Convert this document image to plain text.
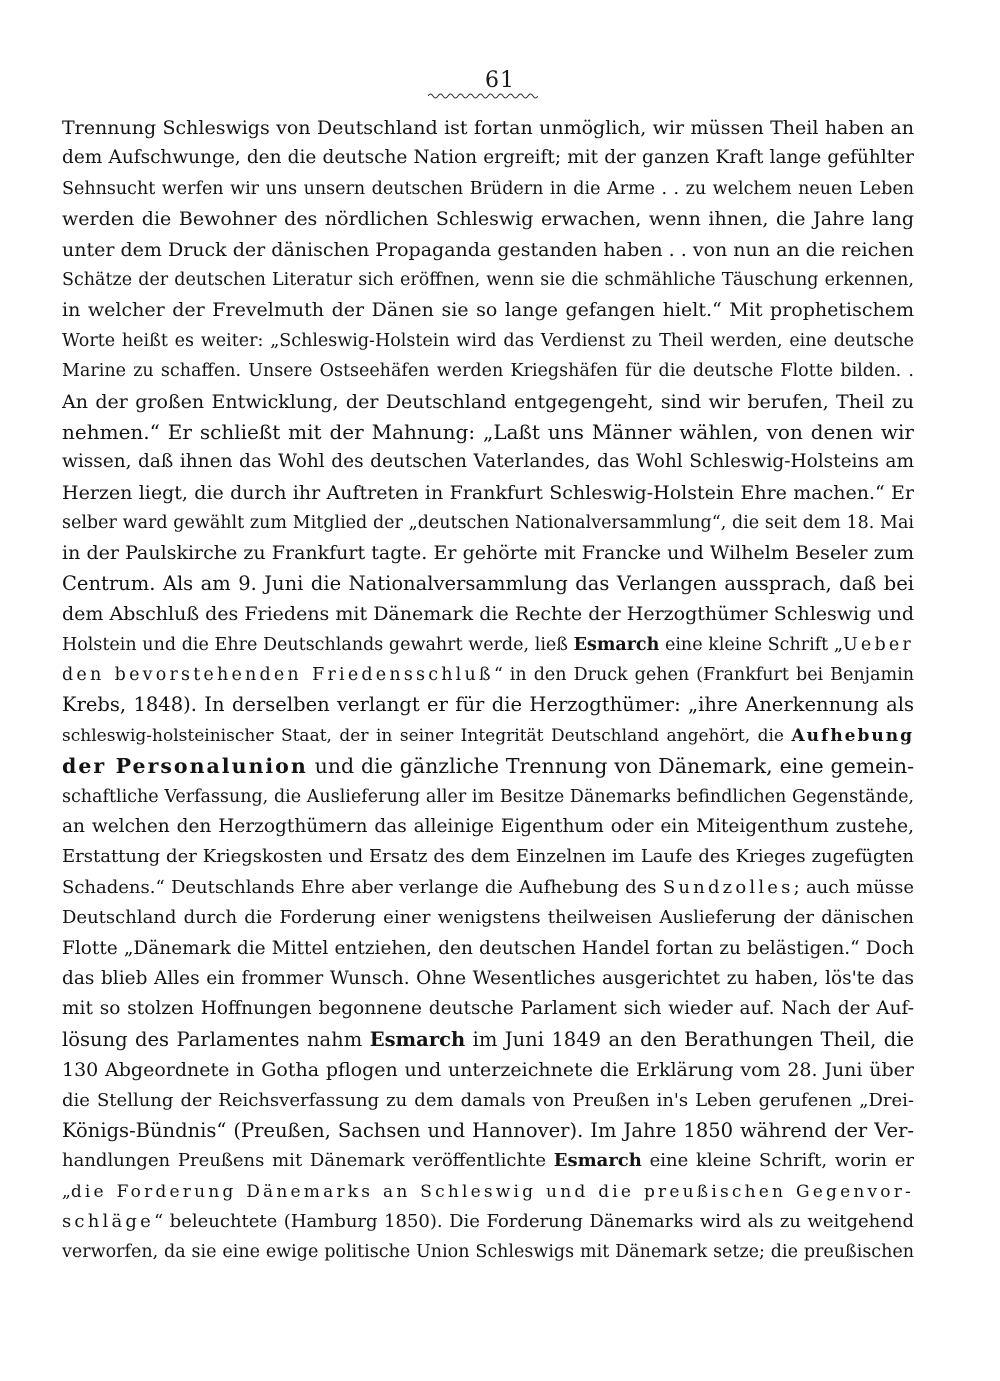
61
Trennung Schleswigs von Deutschland ist fortan unmöglich, wir müssen Theil haben an
dem Aufschwunge, den die deutsche Nation ergreift; mit der ganzen Kraft lange gefühlter
Sehnsucht werfen wir uns unsern deutschen Brüdern in die Arme . . zu welchem neuen Leben
werden die Bewohner des nördlichen Schleswig erwachen, wenn ihnen, die Jahre lang
unter dem Druck der dänischen Propaganda gestanden haben . . von nun an die reichen
Schätze der deutschen Literatur sich eröffnen, wenn sie die schmähliche Täuschung erkennen,
in welcher der Frevelmuth der Dänen sie so lange gefangen hielt.“ Mit prophetischem
Worte heißt es weiter: „Schleswig-Holstein wird das Verdienst zu Theil werden, eine deutsche
Marine zu schaffen. Unsere Ostseehäfen werden Kriegshäfen für die deutsche Flotte bilden. .
An der großen Entwicklung, der Deutschland entgegengeht, sind wir berufen, Theil zu
nehmen.“ Er schließt mit der Mahnung: „Laßt uns Männer wählen, von denen wir
wissen, daß ihnen das Wohl des deutschen Vaterlandes, das Wohl Schleswig-Holsteins am
Herzen liegt, die durch ihr Auftreten in Frankfurt Schleswig-Holstein Ehre machen.“ Er
selber ward gewählt zum Mitglied der „deutschen Nationalversammlung“, die seit dem 18. Mai
in der Paulskirche zu Frankfurt tagte. Er gehörte mit Francke und Wilhelm Beseler zum
Centrum. Als am 9. Juni die Nationalversammlung das Verlangen aussprach, daß bei
dem Abschluß des Friedens mit Dänemark die Rechte der Herzogthümer Schleswig und
Holstein und die Ehre Deutschlands gewahrt werde, ließ Esmarch eine kleine Schrift „Ueber
den bevorstehenden Friedensschluß“ in den Druck gehen (Frankfurt bei Benjamin
Krebs, 1848). In derselben verlangt er für die Herzogthümer: „ihre Anerkennung als
schleswig-holsteinischer Staat, der in seiner Integrität Deutschland angehört, die Aufhebung
der Personalunion und die gänzliche Trennung von Dänemark, eine gemein-
schaftliche Verfassung, die Auslieferung aller im Besitze Dänemarks befindlichen Gegenstände,
an welchen den Herzogthümern das alleinige Eigenthum oder ein Miteigenthum zustehe,
Erstattung der Kriegskosten und Ersatz des dem Einzelnen im Laufe des Krieges zugefügten
Schadens.“ Deutschlands Ehre aber verlange die Aufhebung des Sundzolles; auch müsse
Deutschland durch die Forderung einer wenigstens theilweisen Auslieferung der dänischen
Flotte „Dänemark die Mittel entziehen, den deutschen Handel fortan zu belästigen.“ Doch
das blieb Alles ein frommer Wunsch. Ohne Wesentliches ausgerichtet zu haben, lös'te das
mit so stolzen Hoffnungen begonnene deutsche Parlament sich wieder auf. Nach der Auf-
lösung des Parlamentes nahm Esmarch im Juni 1849 an den Berathungen Theil, die
130 Abgeordnete in Gotha pflogen und unterzeichnete die Erklärung vom 28. Juni über
die Stellung der Reichsverfassung zu dem damals von Preußen in's Leben gerufenen „Drei-
Königs-Bündnis“ (Preußen, Sachsen und Hannover). Im Jahre 1850 während der Ver-
handlungen Preußens mit Dänemark veröffentlichte Esmarch eine kleine Schrift, worin er
„die Forderung Dänemarks an Schleswig und die preußischen Gegenvor-
schläge“ beleuchtete (Hamburg 1850). Die Forderung Dänemarks wird als zu weitgehend
verworfen, da sie eine ewige politische Union Schleswigs mit Dänemark setze; die preußischen
